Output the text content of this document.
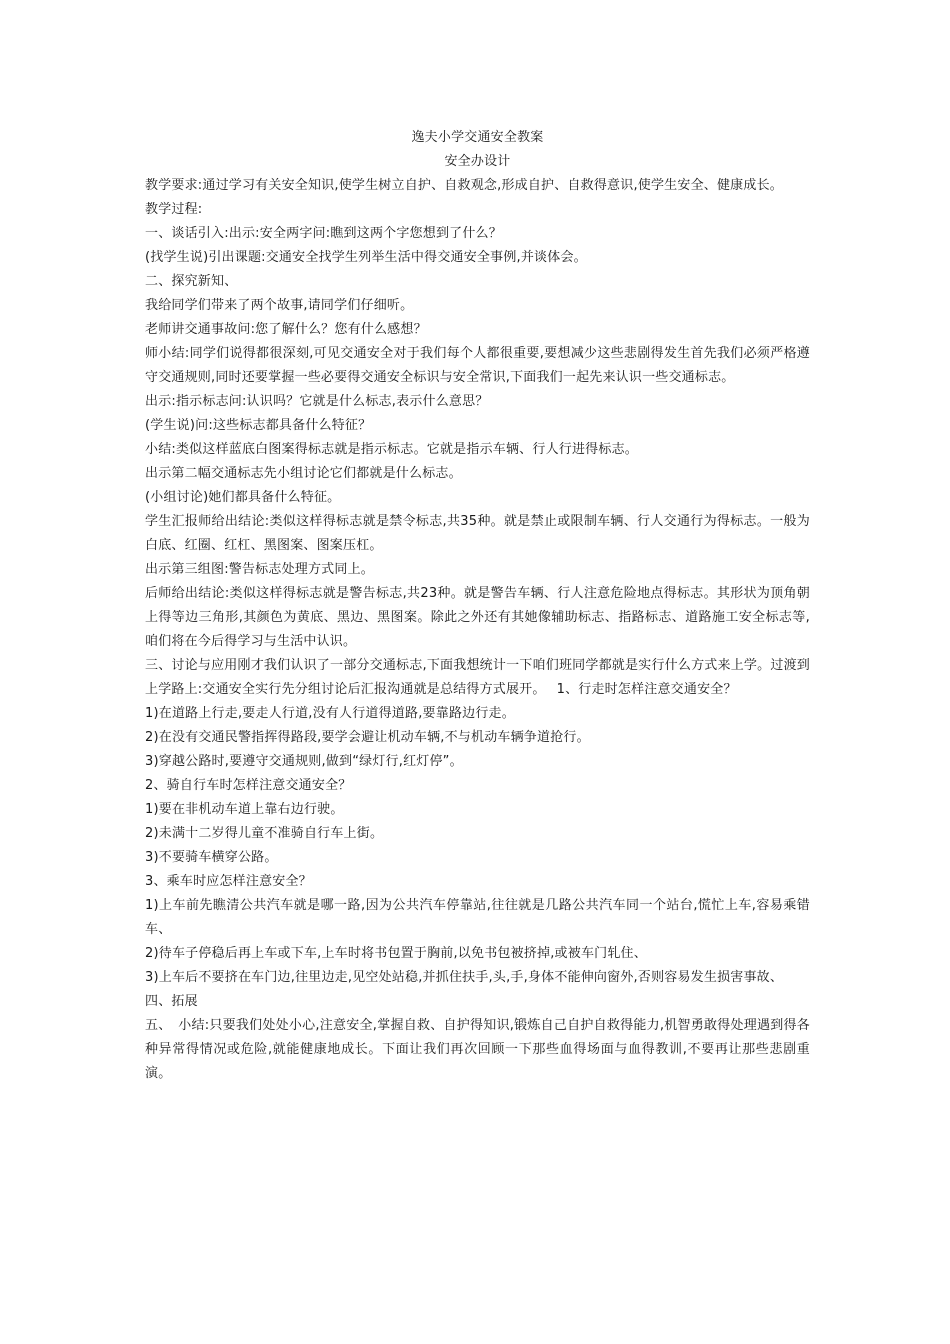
逸夫小学交通安全教案
安全办设计

教学要求:通过学习有关安全知识,使学生树立自护、自救观念,形成自护、自救得意识,使学生安全、健康成长。

教学过程:

一、谈话引入:出示:安全两字问:瞧到这两个字您想到了什么？

(找学生说)引出课题:交通安全找学生列举生活中得交通安全事例,并谈体会。

二、探究新知、

我给同学们带来了两个故事,请同学们仔细听。

老师讲交通事故问:您了解什么？您有什么感想？

师小结:同学们说得都很深刻,可见交通安全对于我们每个人都很重要,要想减少这些悲剧得发生首先我们必须严格遵守交通规则,同时还要掌握一些必要得交通安全标识与安全常识,下面我们一起先来认识一些交通标志。

出示:指示标志问:认识吗？它就是什么标志,表示什么意思？

(学生说)问:这些标志都具备什么特征？

小结:类似这样蓝底白图案得标志就是指示标志。它就是指示车辆、行人行进得标志。

出示第二幅交通标志先小组讨论它们都就是什么标志。

(小组讨论)她们都具备什么特征。

学生汇报师给出结论:类似这样得标志就是禁令标志,共35种。就是禁止或限制车辆、行人交通行为得标志。一般为白底、红圈、红杠、黑图案、图案压杠。

出示第三组图:警告标志处理方式同上。

后师给出结论:类似这样得标志就是警告标志,共23种。就是警告车辆、行人注意危险地点得标志。其形状为顶角朝上得等边三角形,其颜色为黄底、黑边、黑图案。除此之外还有其她像辅助标志、指路标志、道路施工安全标志等,咱们将在今后得学习与生活中认识。

三、讨论与应用刚才我们认识了一部分交通标志,下面我想统计一下咱们班同学都就是实行什么方式来上学。过渡到上学路上:交通安全实行先分组讨论后汇报沟通就是总结得方式展开。　 1、行走时怎样注意交通安全？

1)在道路上行走,要走人行道,没有人行道得道路,要靠路边行走。

2)在没有交通民警指挥得路段,要学会避让机动车辆,不与机动车辆争道抢行。

3)穿越公路时,要遵守交通规则,做到“绿灯行,红灯停”。

2、骑自行车时怎样注意交通安全？

1)要在非机动车道上靠右边行驶。

2)未满十二岁得儿童不准骑自行车上街。

3)不要骑车横穿公路。

3、乘车时应怎样注意安全？

1)上车前先瞧清公共汽车就是哪一路,因为公共汽车停靠站,往往就是几路公共汽车同一个站台,慌忙上车,容易乘错车、

2)待车子停稳后再上车或下车,上车时将书包置于胸前,以免书包被挤掉,或被车门轧住、

3)上车后不要挤在车门边,往里边走,见空处站稳,并抓住扶手,头,手,身体不能伸向窗外,否则容易发生损害事故、

四、拓展

五、　小结:只要我们处处小心,注意安全,掌握自救、自护得知识,锻炼自己自护自救得能力,机智勇敢得处理遇到得各种异常得情况或危险,就能健康地成长。下面让我们再次回顾一下那些血得场面与血得教训,不要再让那些悲剧重演。
